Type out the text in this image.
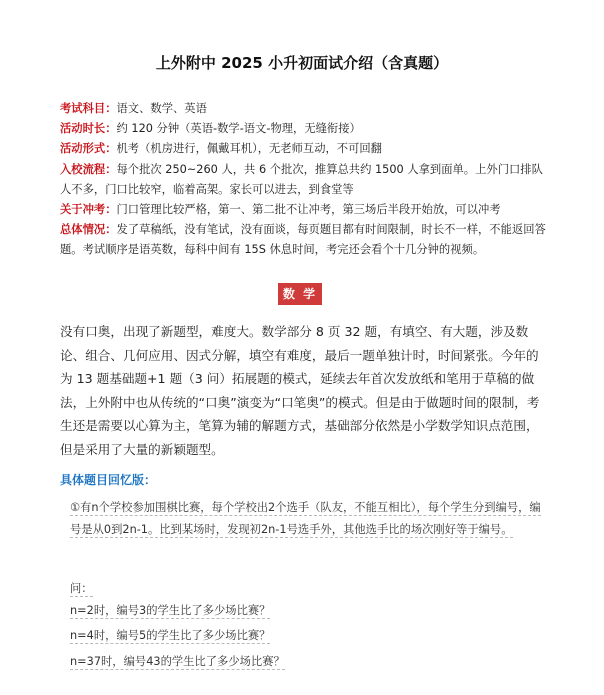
上外附中 2025 小升初面试介绍（含真题）

考试科目：语文、数学、英语

活动时长：约 120 分钟（英语-数学-语文-物理，无缝衔接）

活动形式：机考（机房进行，佩戴耳机），无老师互动，不可回翻

入校流程：每个批次 250~260 人，共 6 个批次，推算总共约 1500 人拿到面单。上外门口排队人不多，门口比较窄，临着高架。家长可以进去，到食堂等

关于冲考：门口管理比较严格，第一、第二批不让冲考，第三场后半段开始放，可以冲考

总体情况：发了草稿纸，没有笔试，没有面谈，每页题目都有时间限制，时长不一样，不能返回答题。考试顺序是语英数，每科中间有 15S 休息时间，考完还会看个十几分钟的视频。

数 学
没有口奥，出现了新题型，难度大。数学部分 8 页 32 题，有填空、有大题，涉及数论、组合、几何应用、因式分解，填空有难度，最后一题单独计时，时间紧张。今年的为 13 题基础题+1 题（3 问）拓展题的模式，延续去年首次发放纸和笔用于草稿的做法，上外附中也从传统的“口奥”演变为“口笔奥”的模式。但是由于做题时间的限制，考生还是需要以心算为主，笔算为辅的解题方式，基础部分依然是小学数学知识点范围，但是采用了大量的新颖题型。
具体题目回忆版：
①有n个学校参加围棋比赛，每个学校出2个选手（队友，不能互相比），每个学生分到编号，编号是从0到2n-1。比到某场时，发现初2n-1号选手外，其他选手比的场次刚好等于编号。
问：
n=2时，编号3的学生比了多少场比赛？
n=4时，编号5的学生比了多少场比赛？
n=37时，编号43的学生比了多少场比赛？
